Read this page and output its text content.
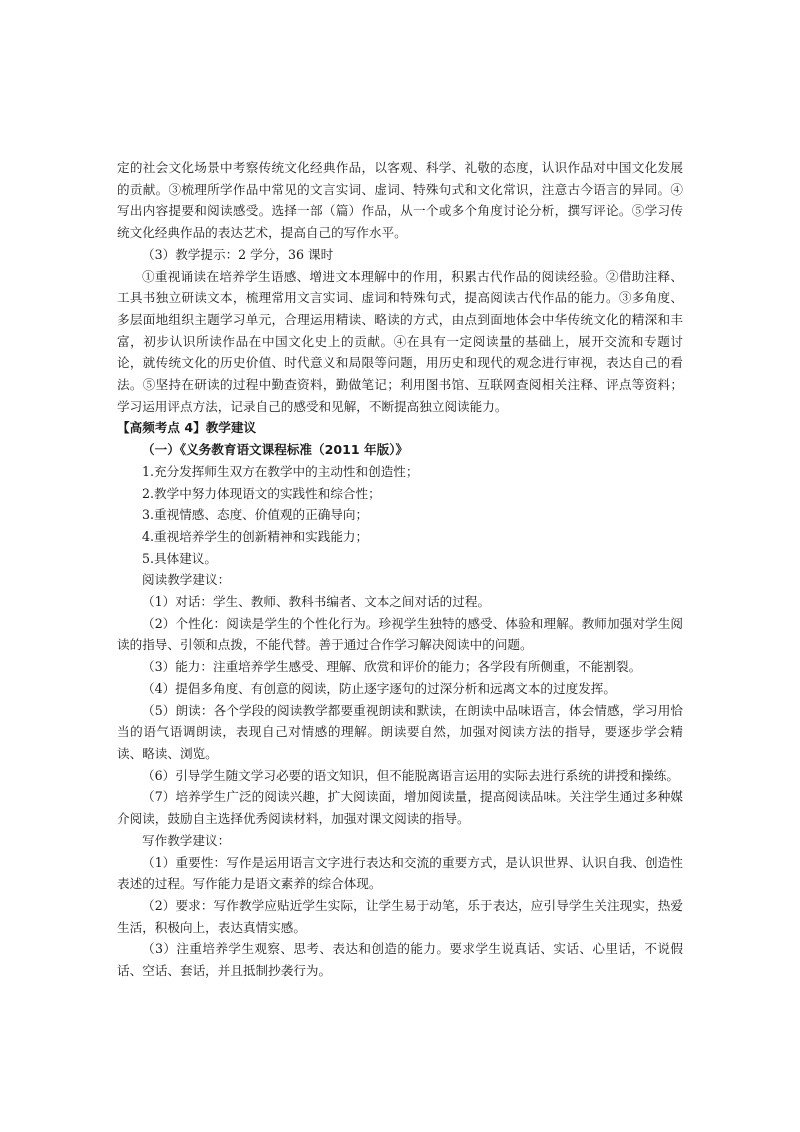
定的社会文化场景中考察传统文化经典作品，以客观、科学、礼敬的态度，认识作品对中国文化发展的贡献。③梳理所学作品中常见的文言实词、虚词、特殊句式和文化常识，注意古今语言的异同。④写出内容提要和阅读感受。选择一部（篇）作品，从一个或多个角度讨论分析，撰写评论。⑤学习传统文化经典作品的表达艺术，提高自己的写作水平。

（3）教学提示：2 学分，36 课时

①重视诵读在培养学生语感、增进文本理解中的作用，积累古代作品的阅读经验。②借助注释、工具书独立研读文本，梳理常用文言实词、虚词和特殊句式，提高阅读古代作品的能力。③多角度、多层面地组织主题学习单元，合理运用精读、略读的方式，由点到面地体会中华传统文化的精深和丰富，初步认识所读作品在中国文化史上的贡献。④在具有一定阅读量的基础上，展开交流和专题讨论，就传统文化的历史价值、时代意义和局限等问题，用历史和现代的观念进行审视，表达自己的看法。⑤坚持在研读的过程中勤查资料，勤做笔记；利用图书馆、互联网查阅相关注释、评点等资料；学习运用评点方法，记录自己的感受和见解，不断提高独立阅读能力。

【高频考点 4】教学建议

（一）《义务教育语文课程标准（2011 年版）》

1.充分发挥师生双方在教学中的主动性和创造性；

2.教学中努力体现语文的实践性和综合性；

3.重视情感、态度、价值观的正确导向；

4.重视培养学生的创新精神和实践能力；

5.具体建议。

阅读教学建议：

（1）对话：学生、教师、教科书编者、文本之间对话的过程。

（2）个性化：阅读是学生的个性化行为。珍视学生独特的感受、体验和理解。教师加强对学生阅读的指导、引领和点拨，不能代替。善于通过合作学习解决阅读中的问题。

（3）能力：注重培养学生感受、理解、欣赏和评价的能力；各学段有所侧重，不能割裂。

（4）提倡多角度、有创意的阅读，防止逐字逐句的过深分析和远离文本的过度发挥。

（5）朗读：各个学段的阅读教学都要重视朗读和默读，在朗读中品味语言，体会情感，学习用恰当的语气语调朗读，表现自己对情感的理解。朗读要自然，加强对阅读方法的指导，要逐步学会精读、略读、浏览。

（6）引导学生随文学习必要的语文知识，但不能脱离语言运用的实际去进行系统的讲授和操练。

（7）培养学生广泛的阅读兴趣，扩大阅读面，增加阅读量，提高阅读品味。关注学生通过多种媒介阅读，鼓励自主选择优秀阅读材料，加强对课文阅读的指导。

写作教学建议：

（1）重要性：写作是运用语言文字进行表达和交流的重要方式，是认识世界、认识自我、创造性表述的过程。写作能力是语文素养的综合体现。

（2）要求：写作教学应贴近学生实际，让学生易于动笔，乐于表达，应引导学生关注现实，热爱生活，积极向上，表达真情实感。

（3）注重培养学生观察、思考、表达和创造的能力。要求学生说真话、实话、心里话，不说假话、空话、套话，并且抵制抄袭行为。
